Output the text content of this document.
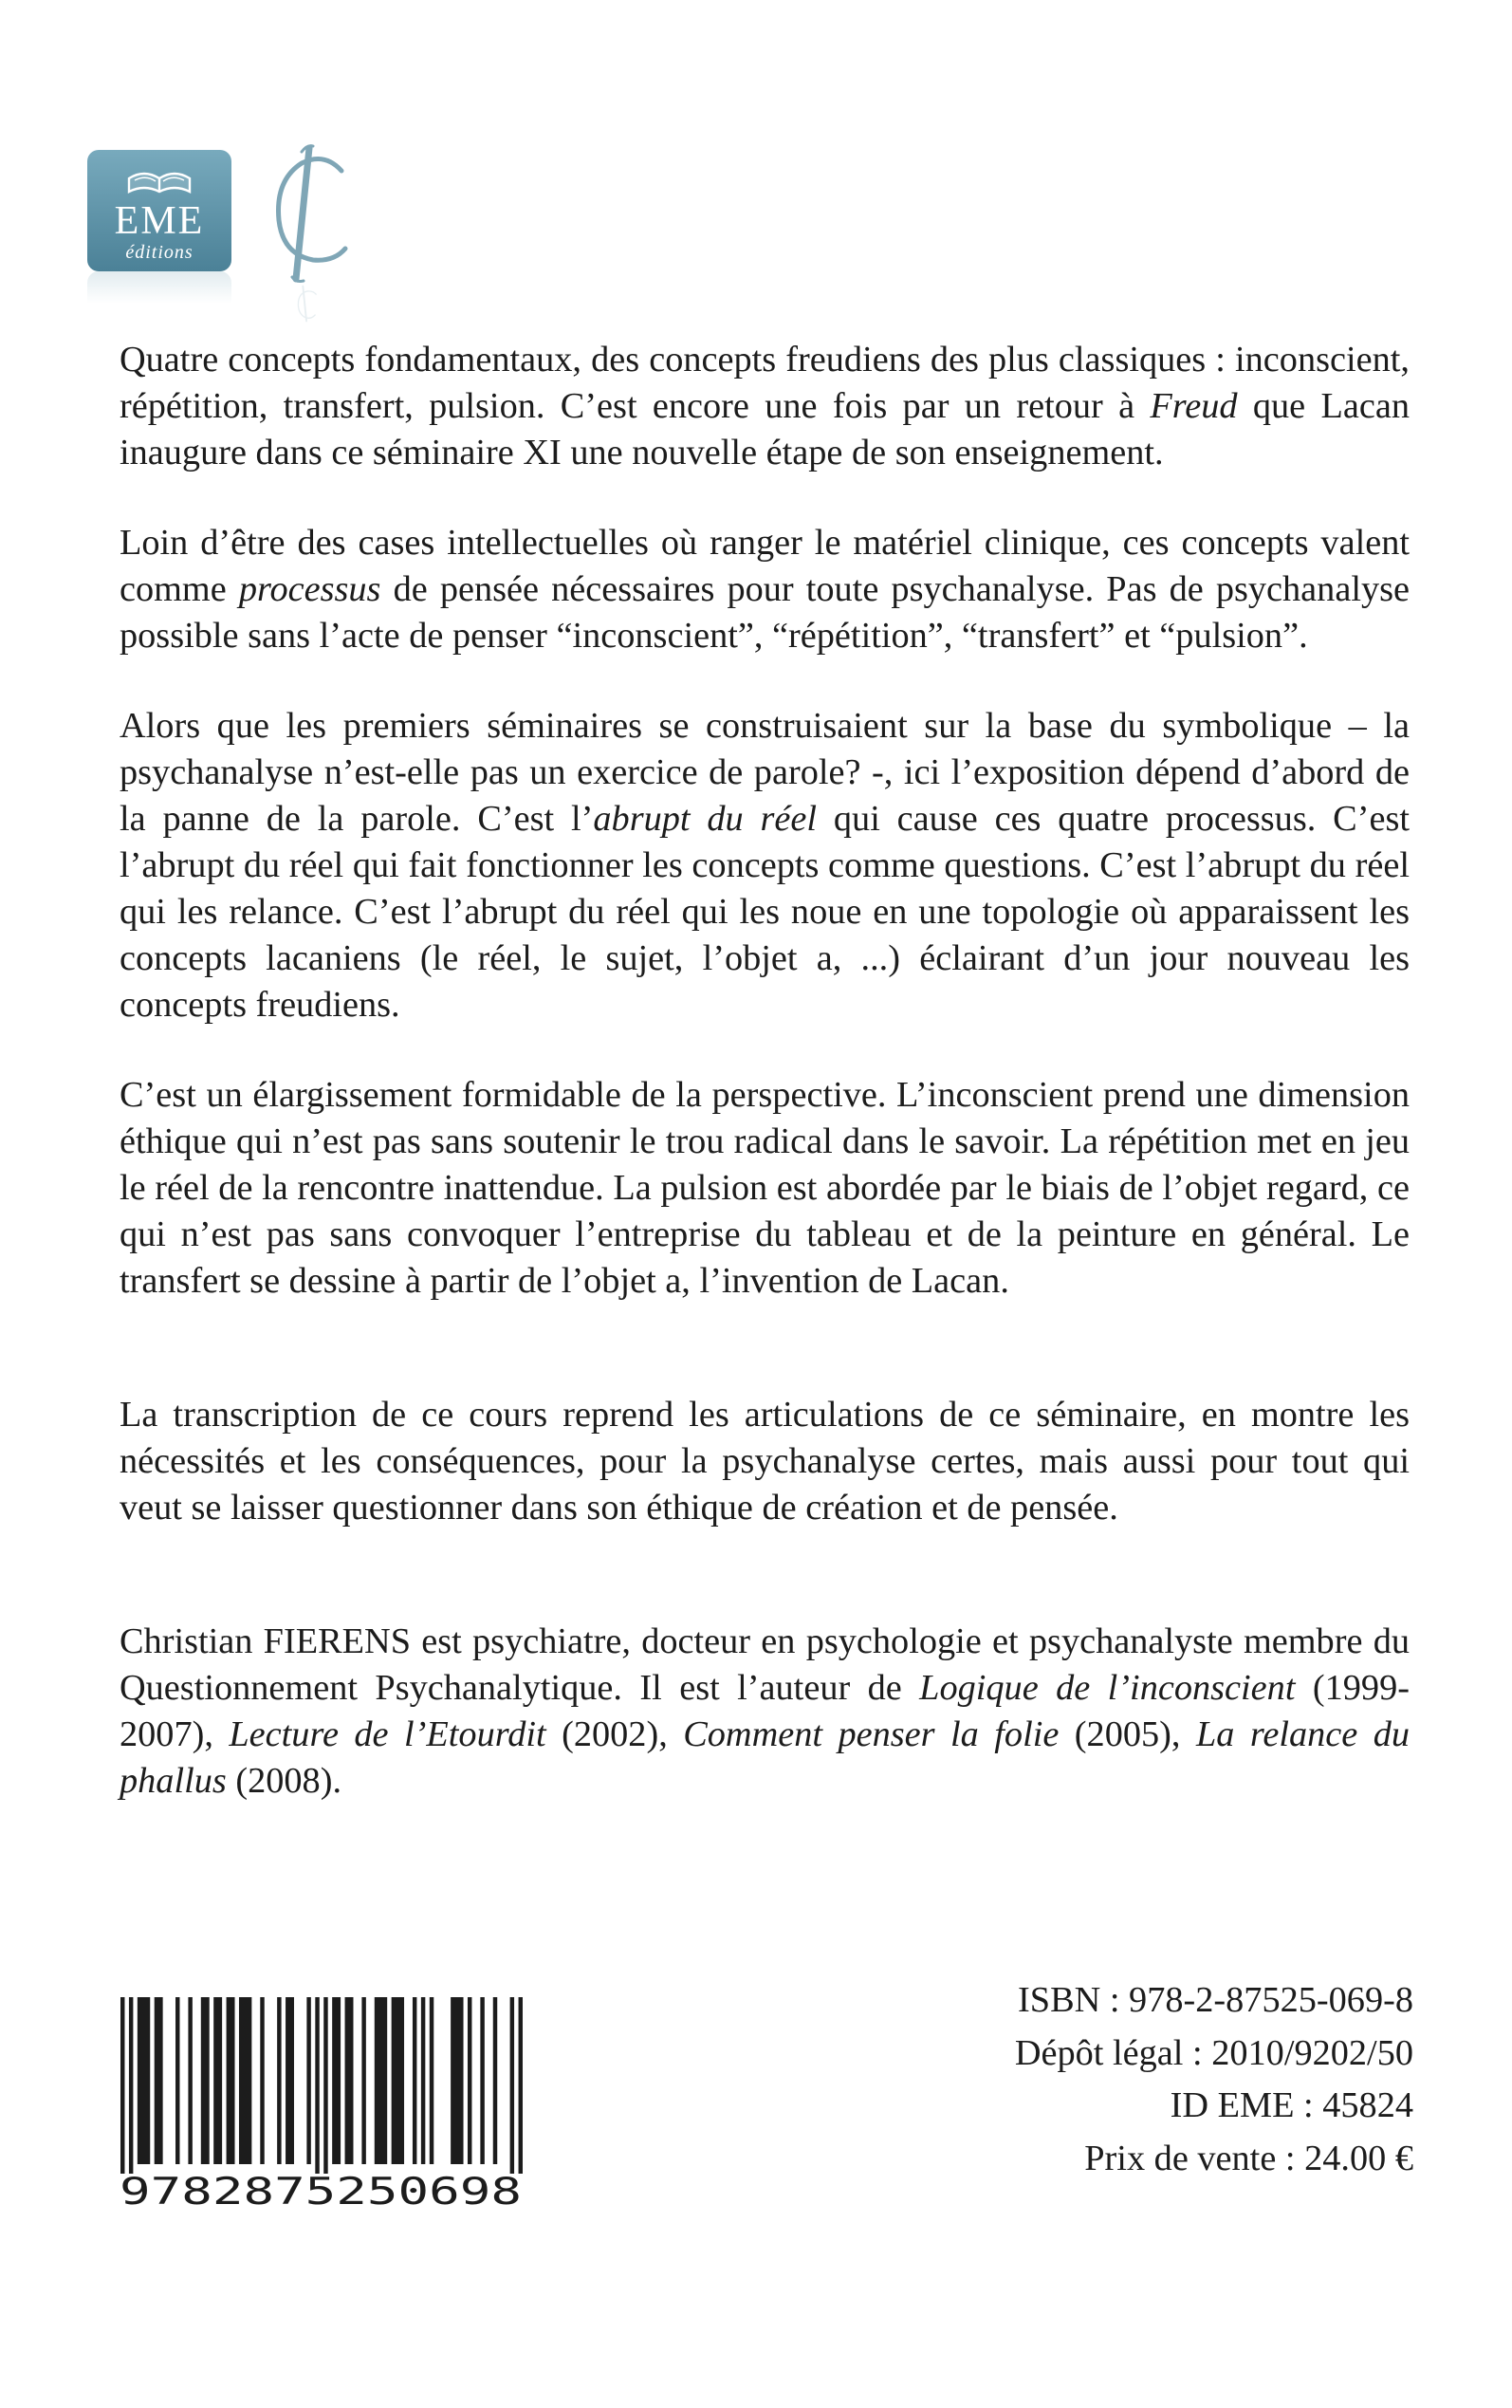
EME
éditions

Quatre concepts fondamentaux, des concepts freudiens des plus classiques : inconscient, répétition, transfert, pulsion. C’est encore une fois par un retour à Freud que Lacan inaugure dans ce séminaire XI une nouvelle étape de son enseignement.

Loin d’être des cases intellectuelles où ranger le matériel clinique, ces concepts valent comme processus de pensée nécessaires pour toute psychanalyse. Pas de psychanalyse possible sans l’acte de penser “inconscient”, “répétition”, “transfert” et “pulsion”.

Alors que les premiers séminaires se construisaient sur la base du symbolique – la psychanalyse n’est-elle pas un exercice de parole? -, ici l’exposition dépend d’abord de la panne de la parole. C’est l’abrupt du réel qui cause ces quatre processus. C’est l’abrupt du réel qui fait fonctionner les concepts comme questions. C’est l’abrupt du réel qui les relance. C’est l’abrupt du réel qui les noue en une topologie où apparaissent les concepts lacaniens (le réel, le sujet, l’objet a, ...) éclairant d’un jour nouveau les concepts freudiens.

C’est un élargissement formidable de la perspective. L’inconscient prend une dimension éthique qui n’est pas sans soutenir le trou radical dans le savoir. La répétition met en jeu le réel de la rencontre inattendue. La pulsion est abordée par le biais de l’objet regard, ce qui n’est pas sans convoquer l’entreprise du tableau et de la peinture en général. Le transfert se dessine à partir de l’objet a, l’invention de Lacan.

La transcription de ce cours reprend les articulations de ce séminaire, en montre les nécessités et les conséquences, pour la psychanalyse certes, mais aussi pour tout qui veut se laisser questionner dans son éthique de création et de pensée.

Christian FIERENS est psychiatre, docteur en psychologie et psychanalyste membre du Questionnement Psychanalytique. Il est l’auteur de Logique de l’inconscient (1999-2007), Lecture de l’Etourdit (2002), Comment penser la folie (2005), La relance du phallus (2008).

9782875250698
ISBN : 978-2-87525-069-8
Dépôt légal : 2010/9202/50
ID EME : 45824
Prix de vente : 24.00 €
